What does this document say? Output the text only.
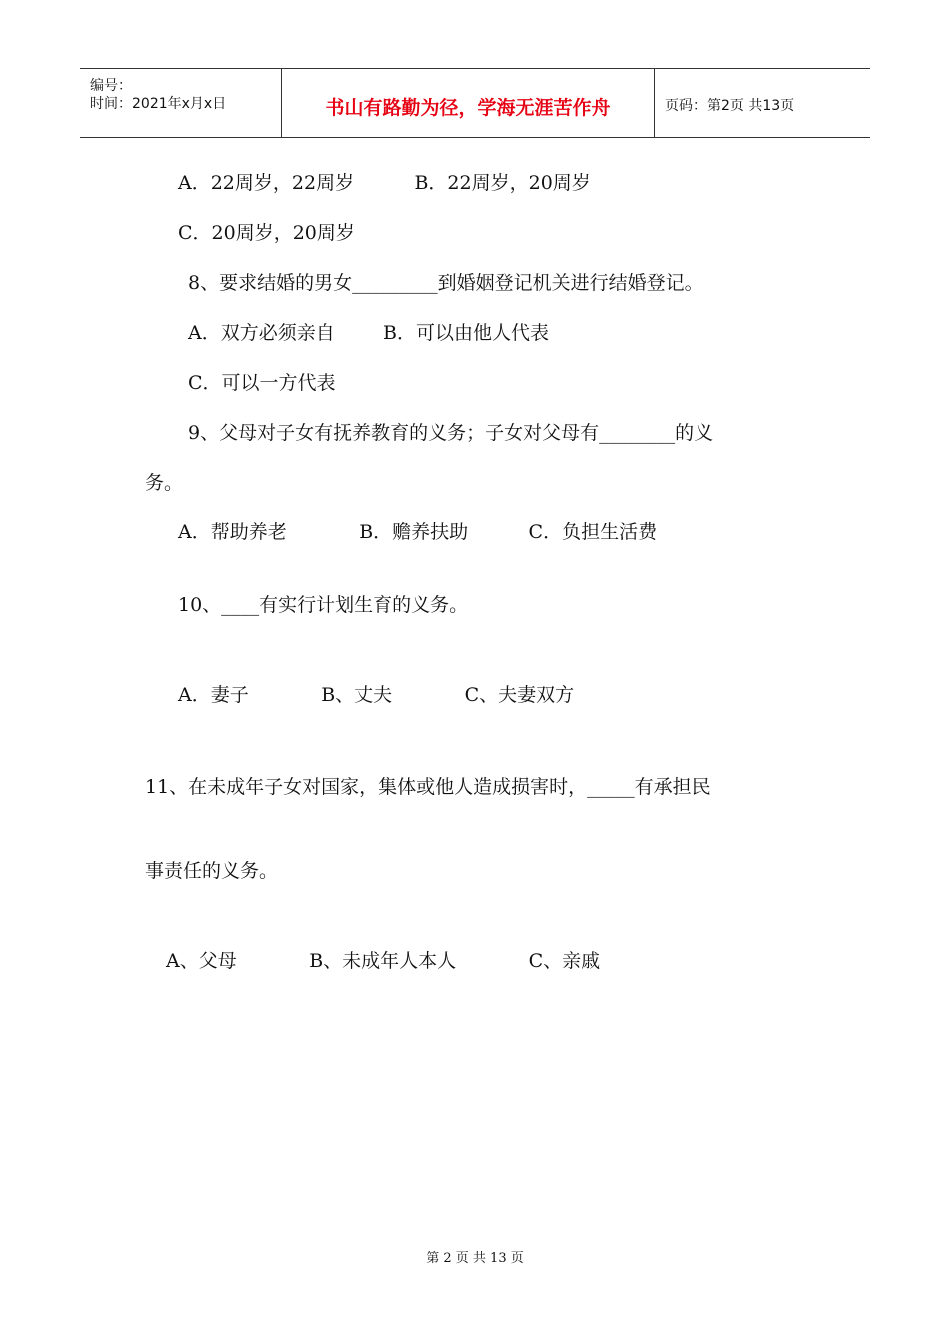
编号：
时间：2021年x月x日	书山有路勤为径，学海无涯苦作舟	页码：第2页 共13页
A．22周岁，22周岁          B．22周岁，20周岁
C．20周岁，20周岁
8、要求结婚的男女_________到婚姻登记机关进行结婚登记。
A．双方必须亲自        B．可以由他人代表
C．可以一方代表
9、父母对子女有抚养教育的义务；子女对父母有________的义
务。
A．帮助养老            B．赡养扶助          C．负担生活费
10、____有实行计划生育的义务。
A．妻子            B、丈夫            C、夫妻双方
11、在未成年子女对国家，集体或他人造成损害时，_____有承担民
事责任的义务。
A、父母            B、未成年人本人            C、亲戚
第 2 页 共 13 页
